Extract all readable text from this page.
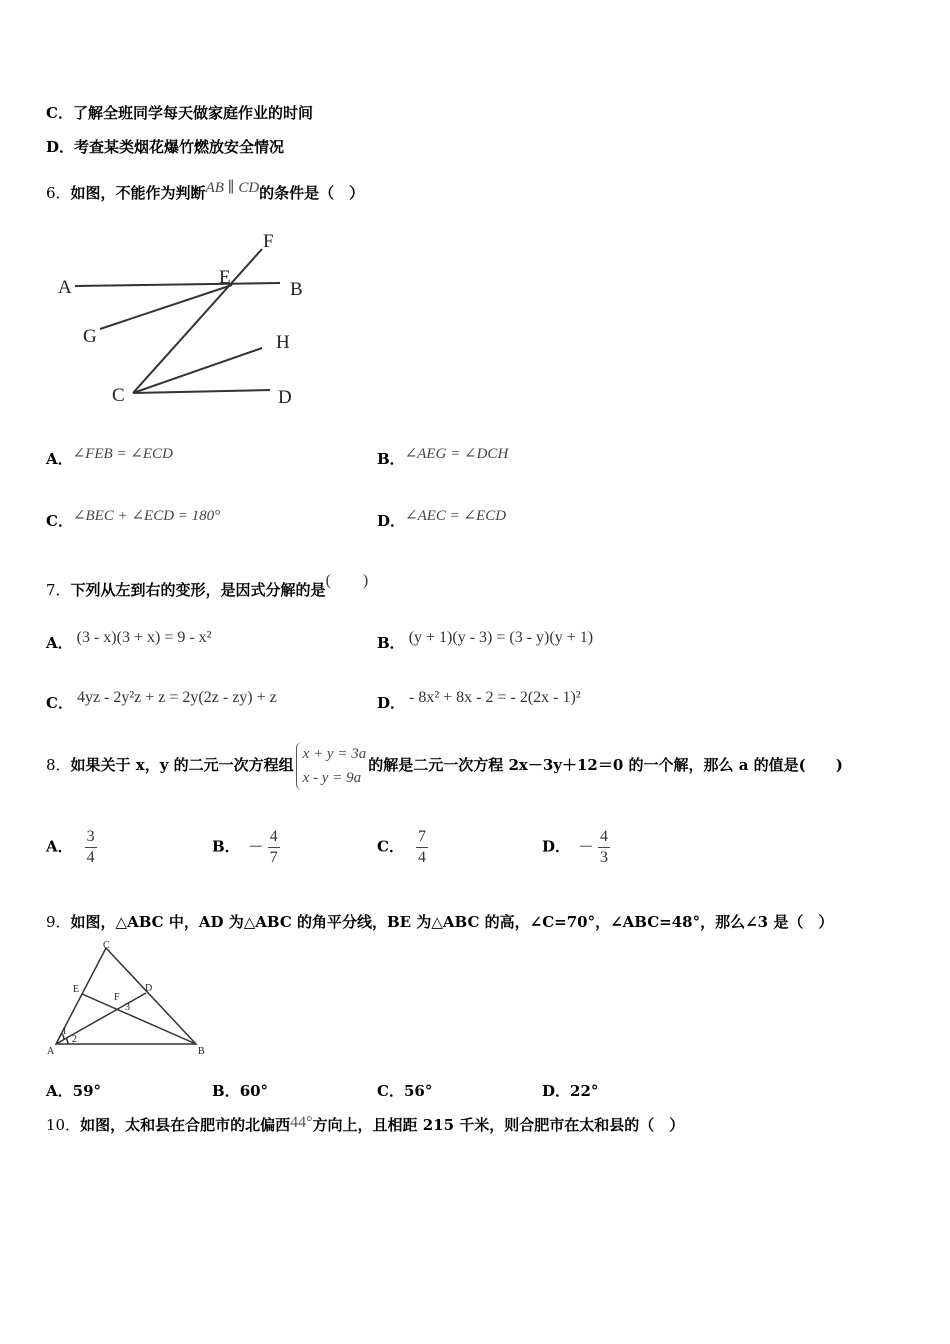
C．了解全班同学每天做家庭作业的时间
D．考查某类烟花爆竹燃放安全情况
6．如图，不能作为判断AB ∥ CD的条件是（　）
A	B
E
F
G
C
H
D
A．∠FEB = ∠ECD	B．∠AEG = ∠DCH
C．∠BEC + ∠ECD = 180°	D．∠AEC = ∠ECD
7．下列从左到右的变形，是因式分解的是(　　)
A． (3 - x)(3 + x) = 9 - x²	B． (y + 1)(y - 3) = (3 - y)(y + 1)
C． 4yz - 2y²z + z = 2y(2z - zy) + z	D． - 8x² + 8x - 2 = - 2(2x - 1)²
8．如果关于 x，y 的二元一次方程组
x + y = 3a
x - y = 9a
的解是二元一次方程 2x－3y＋12＝0 的一个解，那么 a 的值是(　　)
A． $\frac{3}{4}$	B． － $\frac{4}{7}$	C． $\frac{7}{4}$	D． － $\frac{4}{3}$
9．如图，△ABC 中，AD 为△ABC 的角平分线，BE 为△ABC 的高，∠C=70°，∠ABC=48°，那么∠3 是（　）
C
E	D
F
3
1
2
A	B
A．59°	B．60°	C．56°	D．22°
10．如图，太和县在合肥市的北偏西44°方向上，且相距 215 千米，则合肥市在太和县的（　）
